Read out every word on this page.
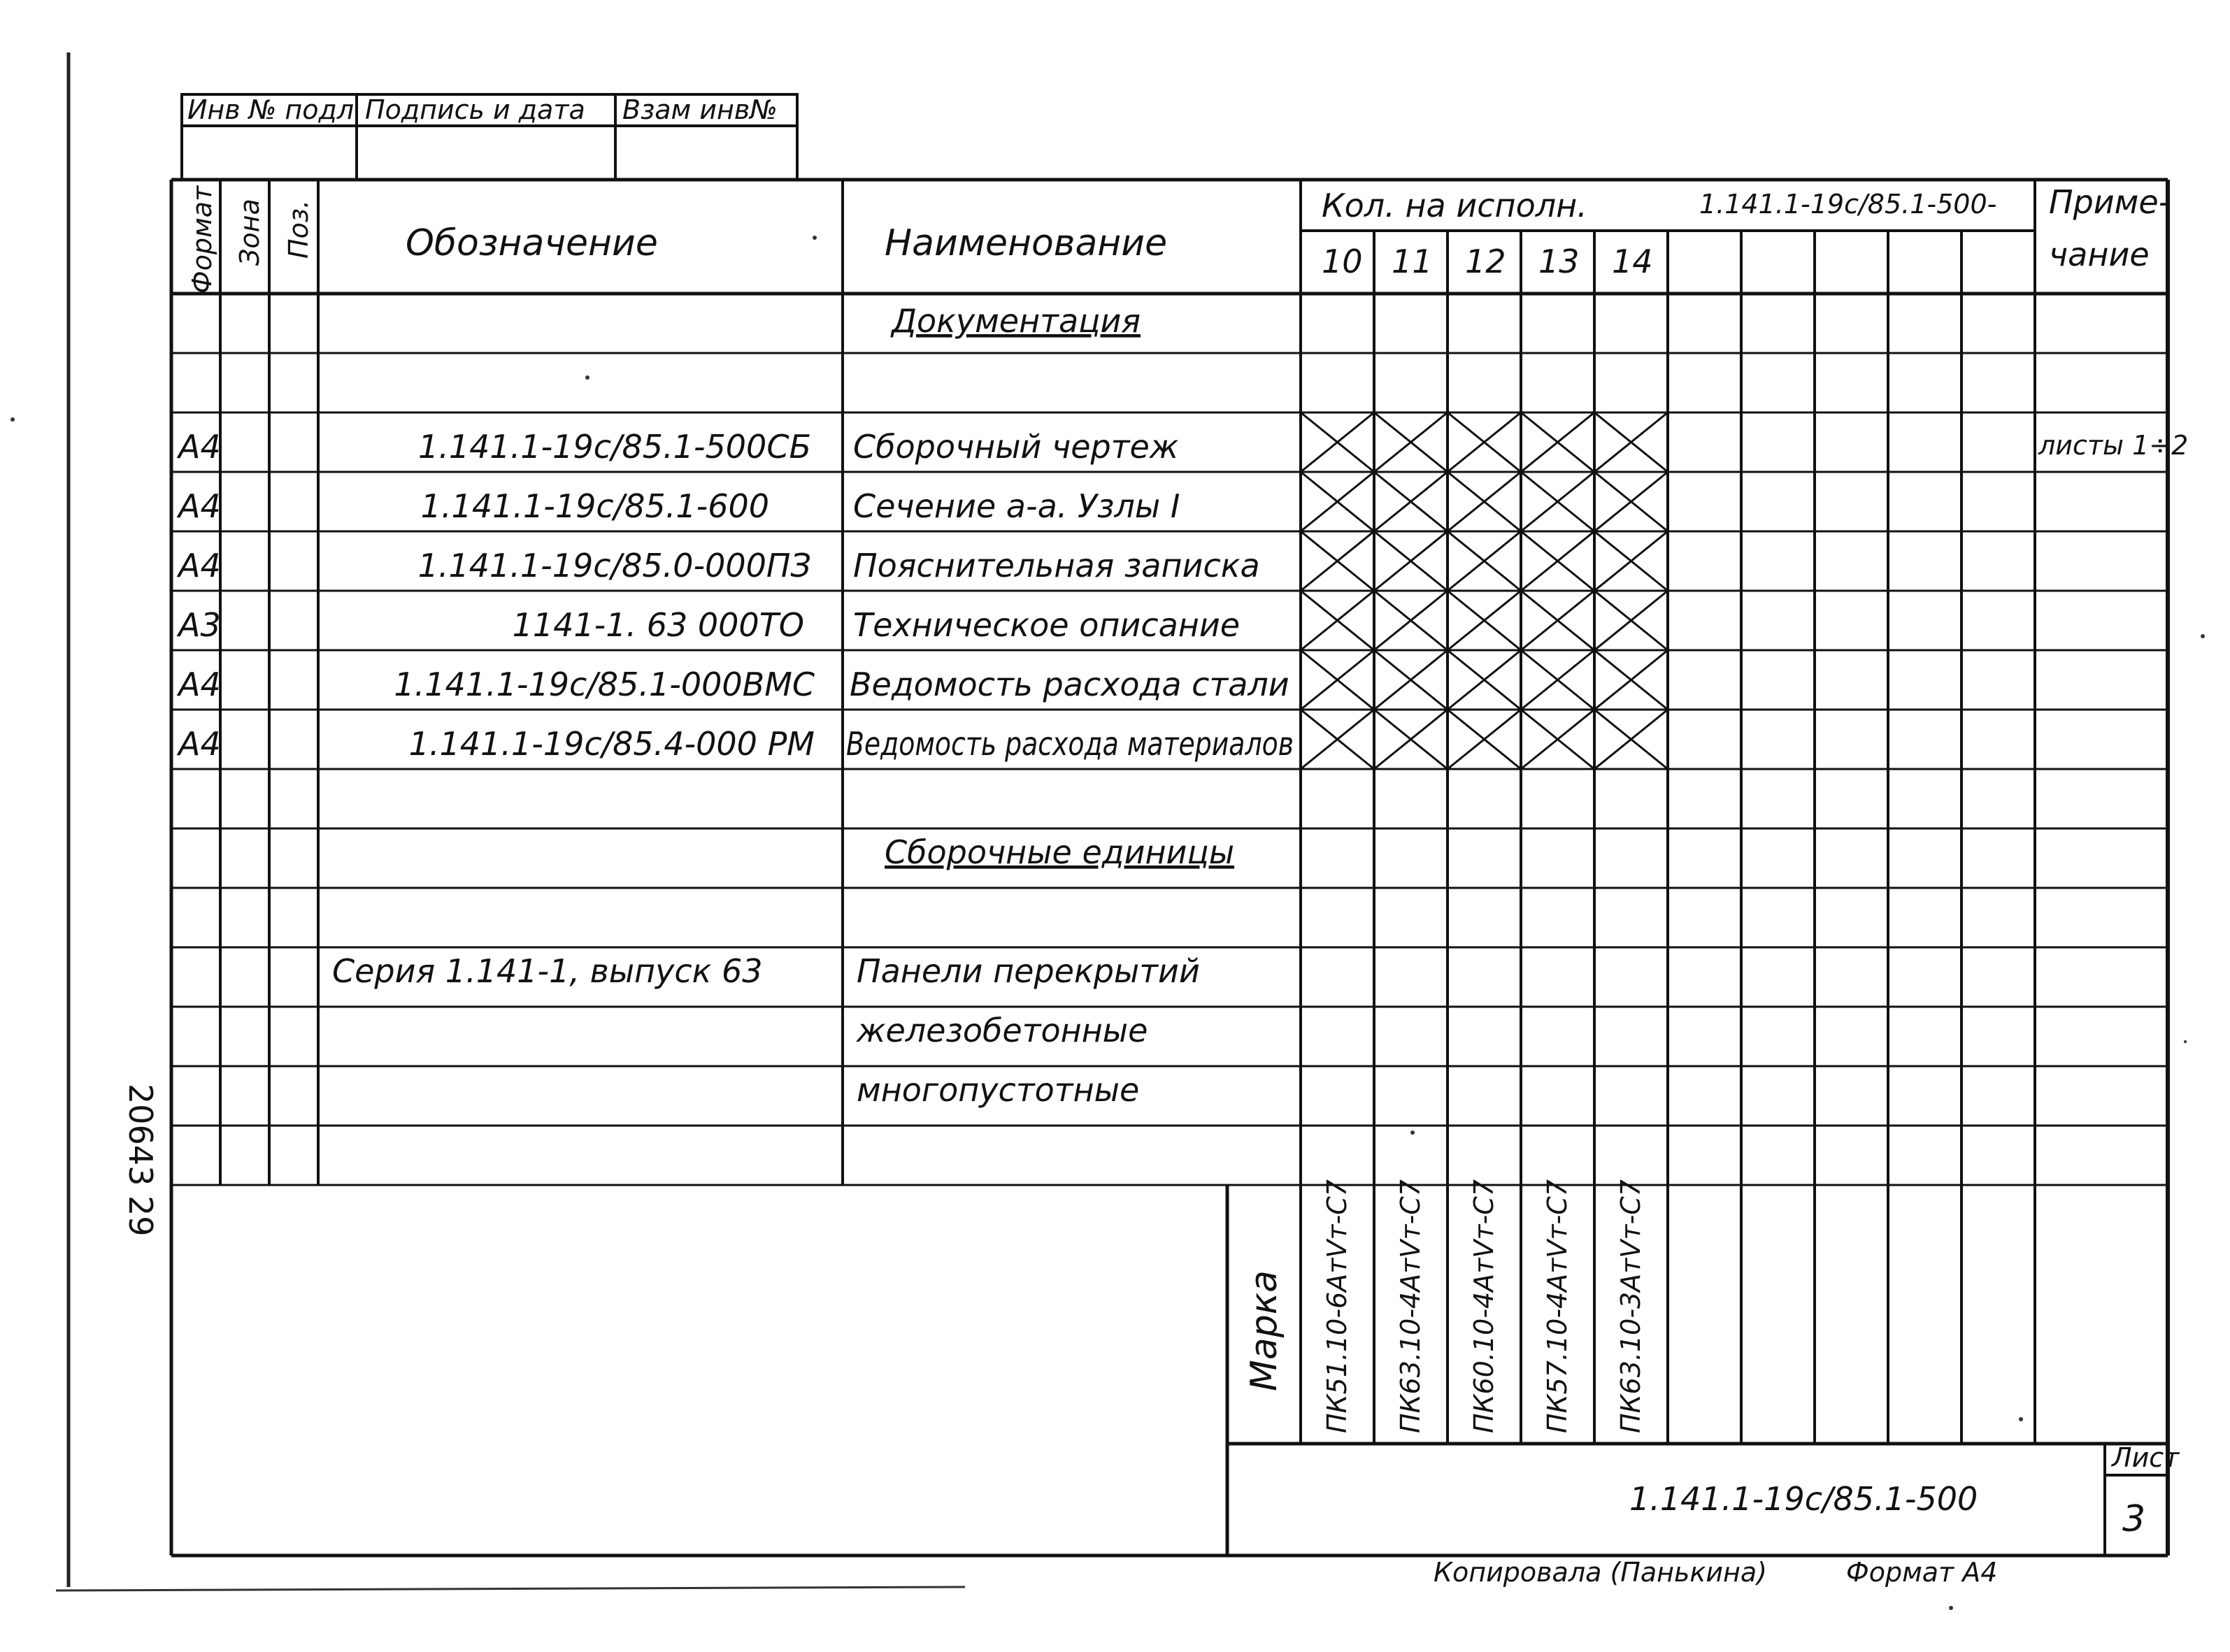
Инв № подл Подпись и дата Взам инв№
Формат Зона Поз.	Обозначение	Наименование
Кол. на исполн.	1.141.1-19с/85.1-500- Приме-
чание
10 11 12 13 14
Документация
А4	1.141.1-19с/85.1-500СБ Сборочный чертеж	листы 1÷2
А4	1.141.1-19с/85.1-600	Сечение а-а. Узлы I
А4	1.141.1-19с/85.0-000ПЗ Пояснительная записка
А3	1141-1. 63 000ТО Техническое описание
А4	1.141.1-19с/85.1-000ВМС Ведомость расхода стали
А4	1.141.1-19с/85.4-000 РМ Ведомость расхода материалов
Сборочные единицы
Серия 1.141-1, выпуск 63	Панели перекрытий
железобетонные
многопустотные
Марка ПК51.10-6АтVт-С7 ПК63.10-4АтVт-С7 ПК60.10-4АтVт-С7 ПК57.10-4АтVт-С7 ПК63.10-3АтVт-С7
1.141.1-19с/85.1-500
Лист
3
Копировала (Панькина)	Формат А4
20643
29
